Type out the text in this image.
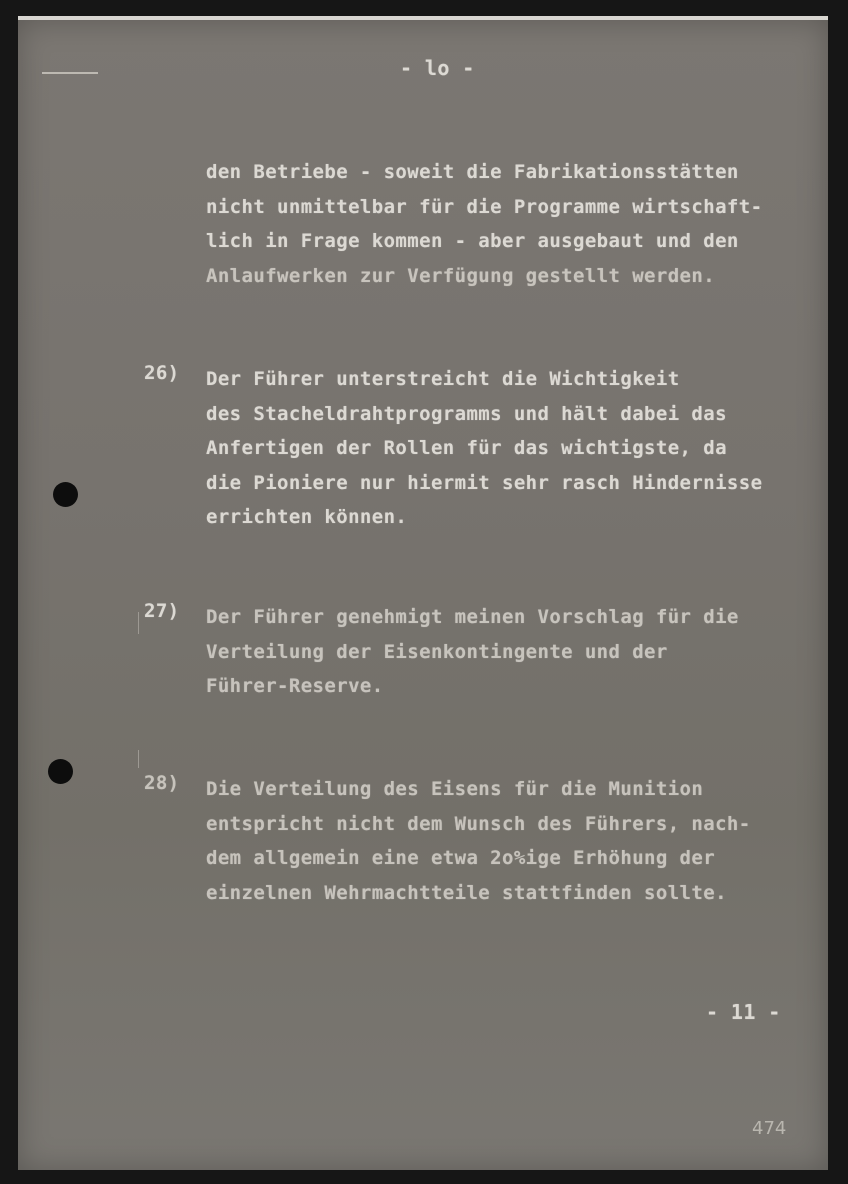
- lo -
den Betriebe - soweit die Fabrikationsstätten
nicht unmittelbar für die Programme wirtschaft-
lich in Frage kommen - aber ausgebaut und den
Anlaufwerken zur Verfügung gestellt werden.
26) Der Führer unterstreicht die Wichtigkeit
des Stacheldrahtprogramms und hält dabei das
Anfertigen der Rollen für das wichtigste, da
die Pioniere nur hiermit sehr rasch Hindernisse
errichten können.
27) Der Führer genehmigt meinen Vorschlag für die
Verteilung der Eisenkontingente und der
Führer-Reserve.
28) Die Verteilung des Eisens für die Munition
entspricht nicht dem Wunsch des Führers, nach-
dem allgemein eine etwa 2o%ige Erhöhung der
einzelnen Wehrmachtteile stattfinden sollte.
- 11 -
474
